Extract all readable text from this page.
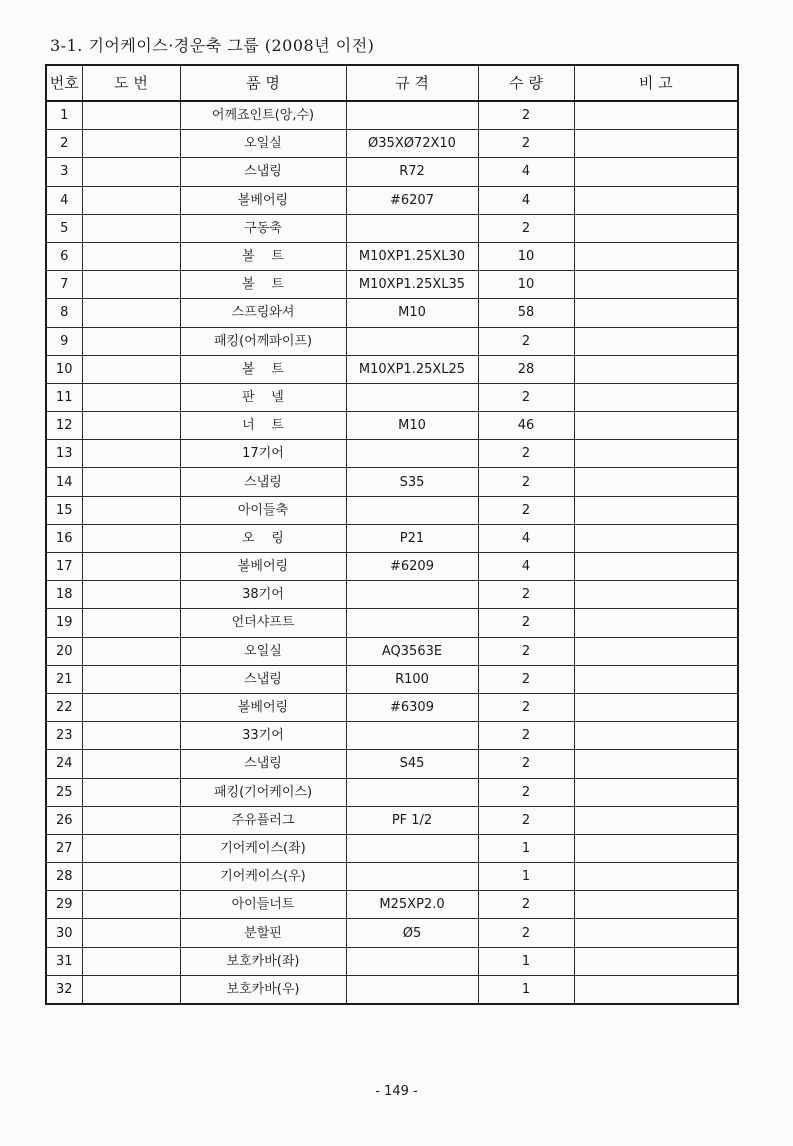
3-1. 기어케이스·경운축 그룹 (2008년 이전)
번호	도 번	품 명	규 격	수 량	비 고
1		어께죠인트(앙,수)		2	
2		오일실	Ø35XØ72X10	2	
3		스냅링	R72	4	
4		볼베어링	#6207	4	
5		구동축		2	
6		볼    트	M10XP1.25XL30	10	
7		볼    트	M10XP1.25XL35	10	
8		스프링와셔	M10	58	
9		패킹(어께파이프)		2	
10		볼    트	M10XP1.25XL25	28	
11		판    넬		2	
12		너    트	M10	46	
13		17기어		2	
14		스냅링	S35	2	
15		아이들축		2	
16		오    링	P21	4	
17		볼베어링	#6209	4	
18		38기어		2	
19		언더샤프트		2	
20		오일실	AQ3563E	2	
21		스냅링	R100	2	
22		볼베어링	#6309	2	
23		33기어		2	
24		스냅링	S45	2	
25		패킹(기어케이스)		2	
26		주유플러그	PF 1/2	2	
27		기어케이스(좌)		1	
28		기어케이스(우)		1	
29		아이들너트	M25XP2.0	2	
30		분할핀	Ø5	2	
31		보호카바(좌)		1	
32		보호카바(우)		1	
- 149 -
